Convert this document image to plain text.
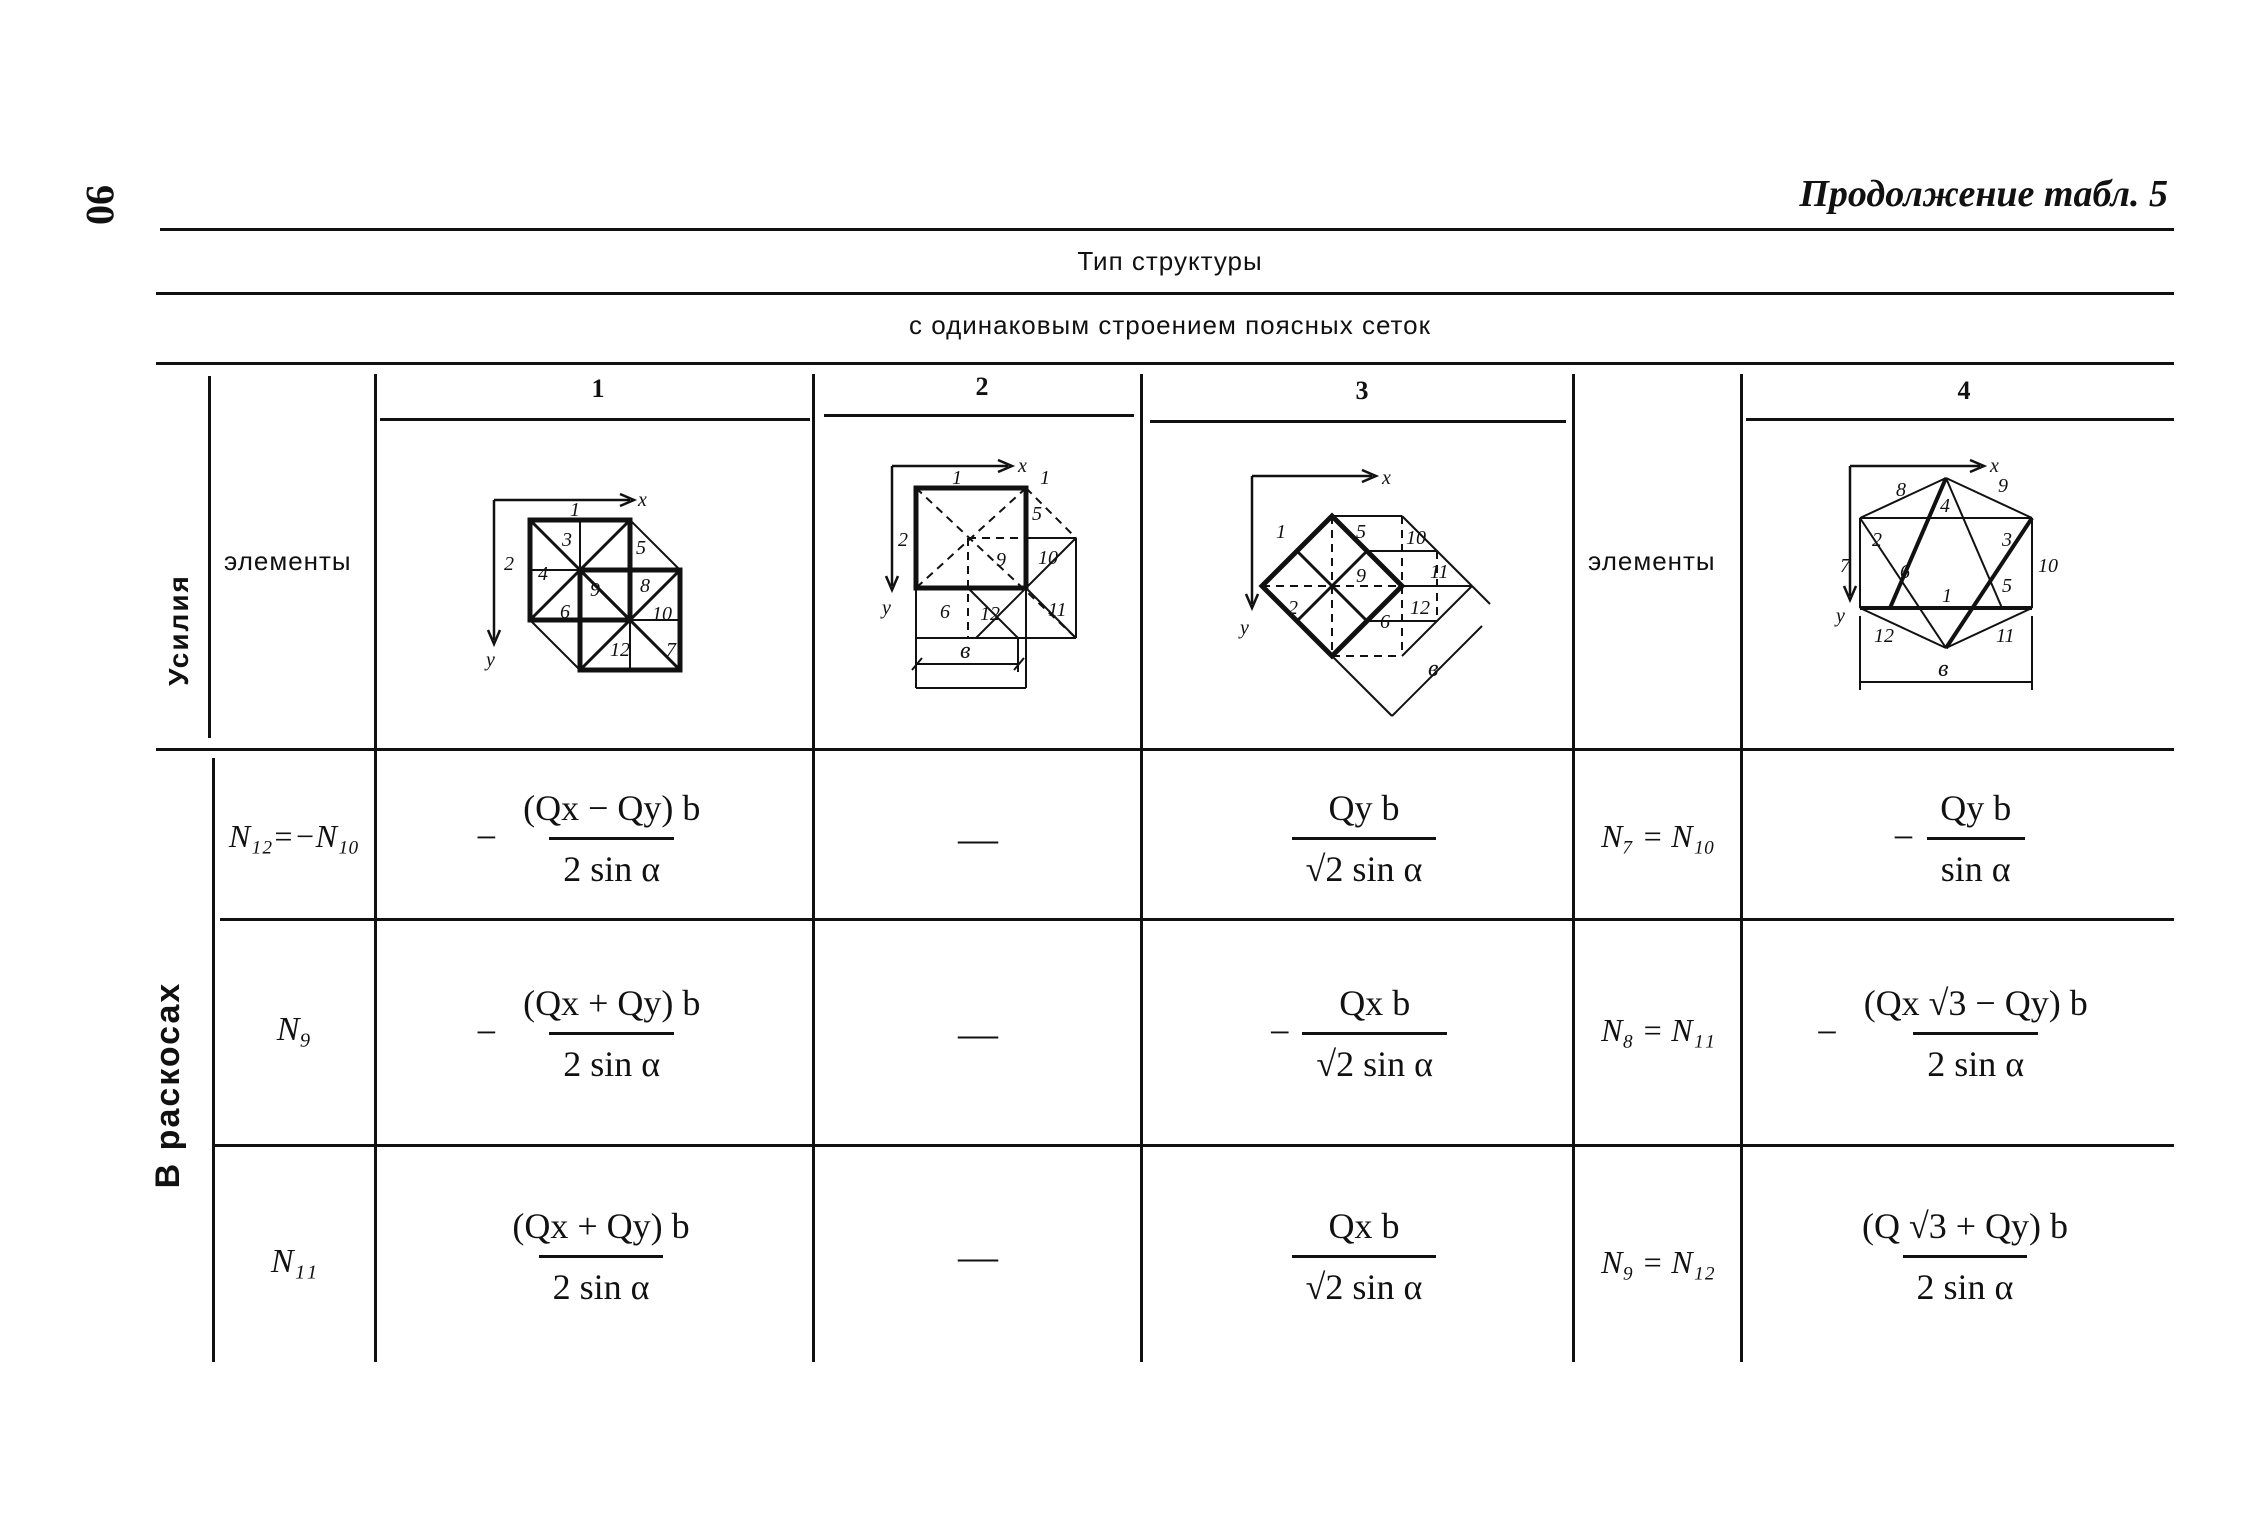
90	Продолжение табл. 5
Тип структуры
с одинаковым строением поясных сеток
1	2	3	4
Усилия
В раскосах
элементы	элементы
x
y
1
2
3
4
5
6
7
8
9
10
12
x
y
1	1
2
5
9 10
6 12 11
в
x
y
1
2
5
9
10
11
6
12
в
x
y
8
4
9
2	3
7	10
6
1	5
12	11
в
N₁₂=−N₁₀	− $\frac{(Qx - Qy) b}{\text{2 sin α}}$	—	$\frac{\text{Qy b}}{\text{√2 sin α}}$	N₇ = N₁₀	− $\frac{\text{Qy b}}{\text{sin α}}$
N₉	− $\frac{(Qx + Qy) b}{\text{2 sin α}}$	—	− $\frac{\text{Qx b}}{\text{√2 sin α}}$	N₈ = N₁₁	− $\frac{(Qx √3 - Qy) b}{\text{2 sin α}}$
N₁₁	$\frac{(Qx + Qy) b}{\text{2 sin α}}$	—	$\frac{\text{Qx b}}{\text{√2 sin α}}$	N₉ = N₁₂	$\frac{(Q √3 + Qy) b}{\text{2 sin α}}$
